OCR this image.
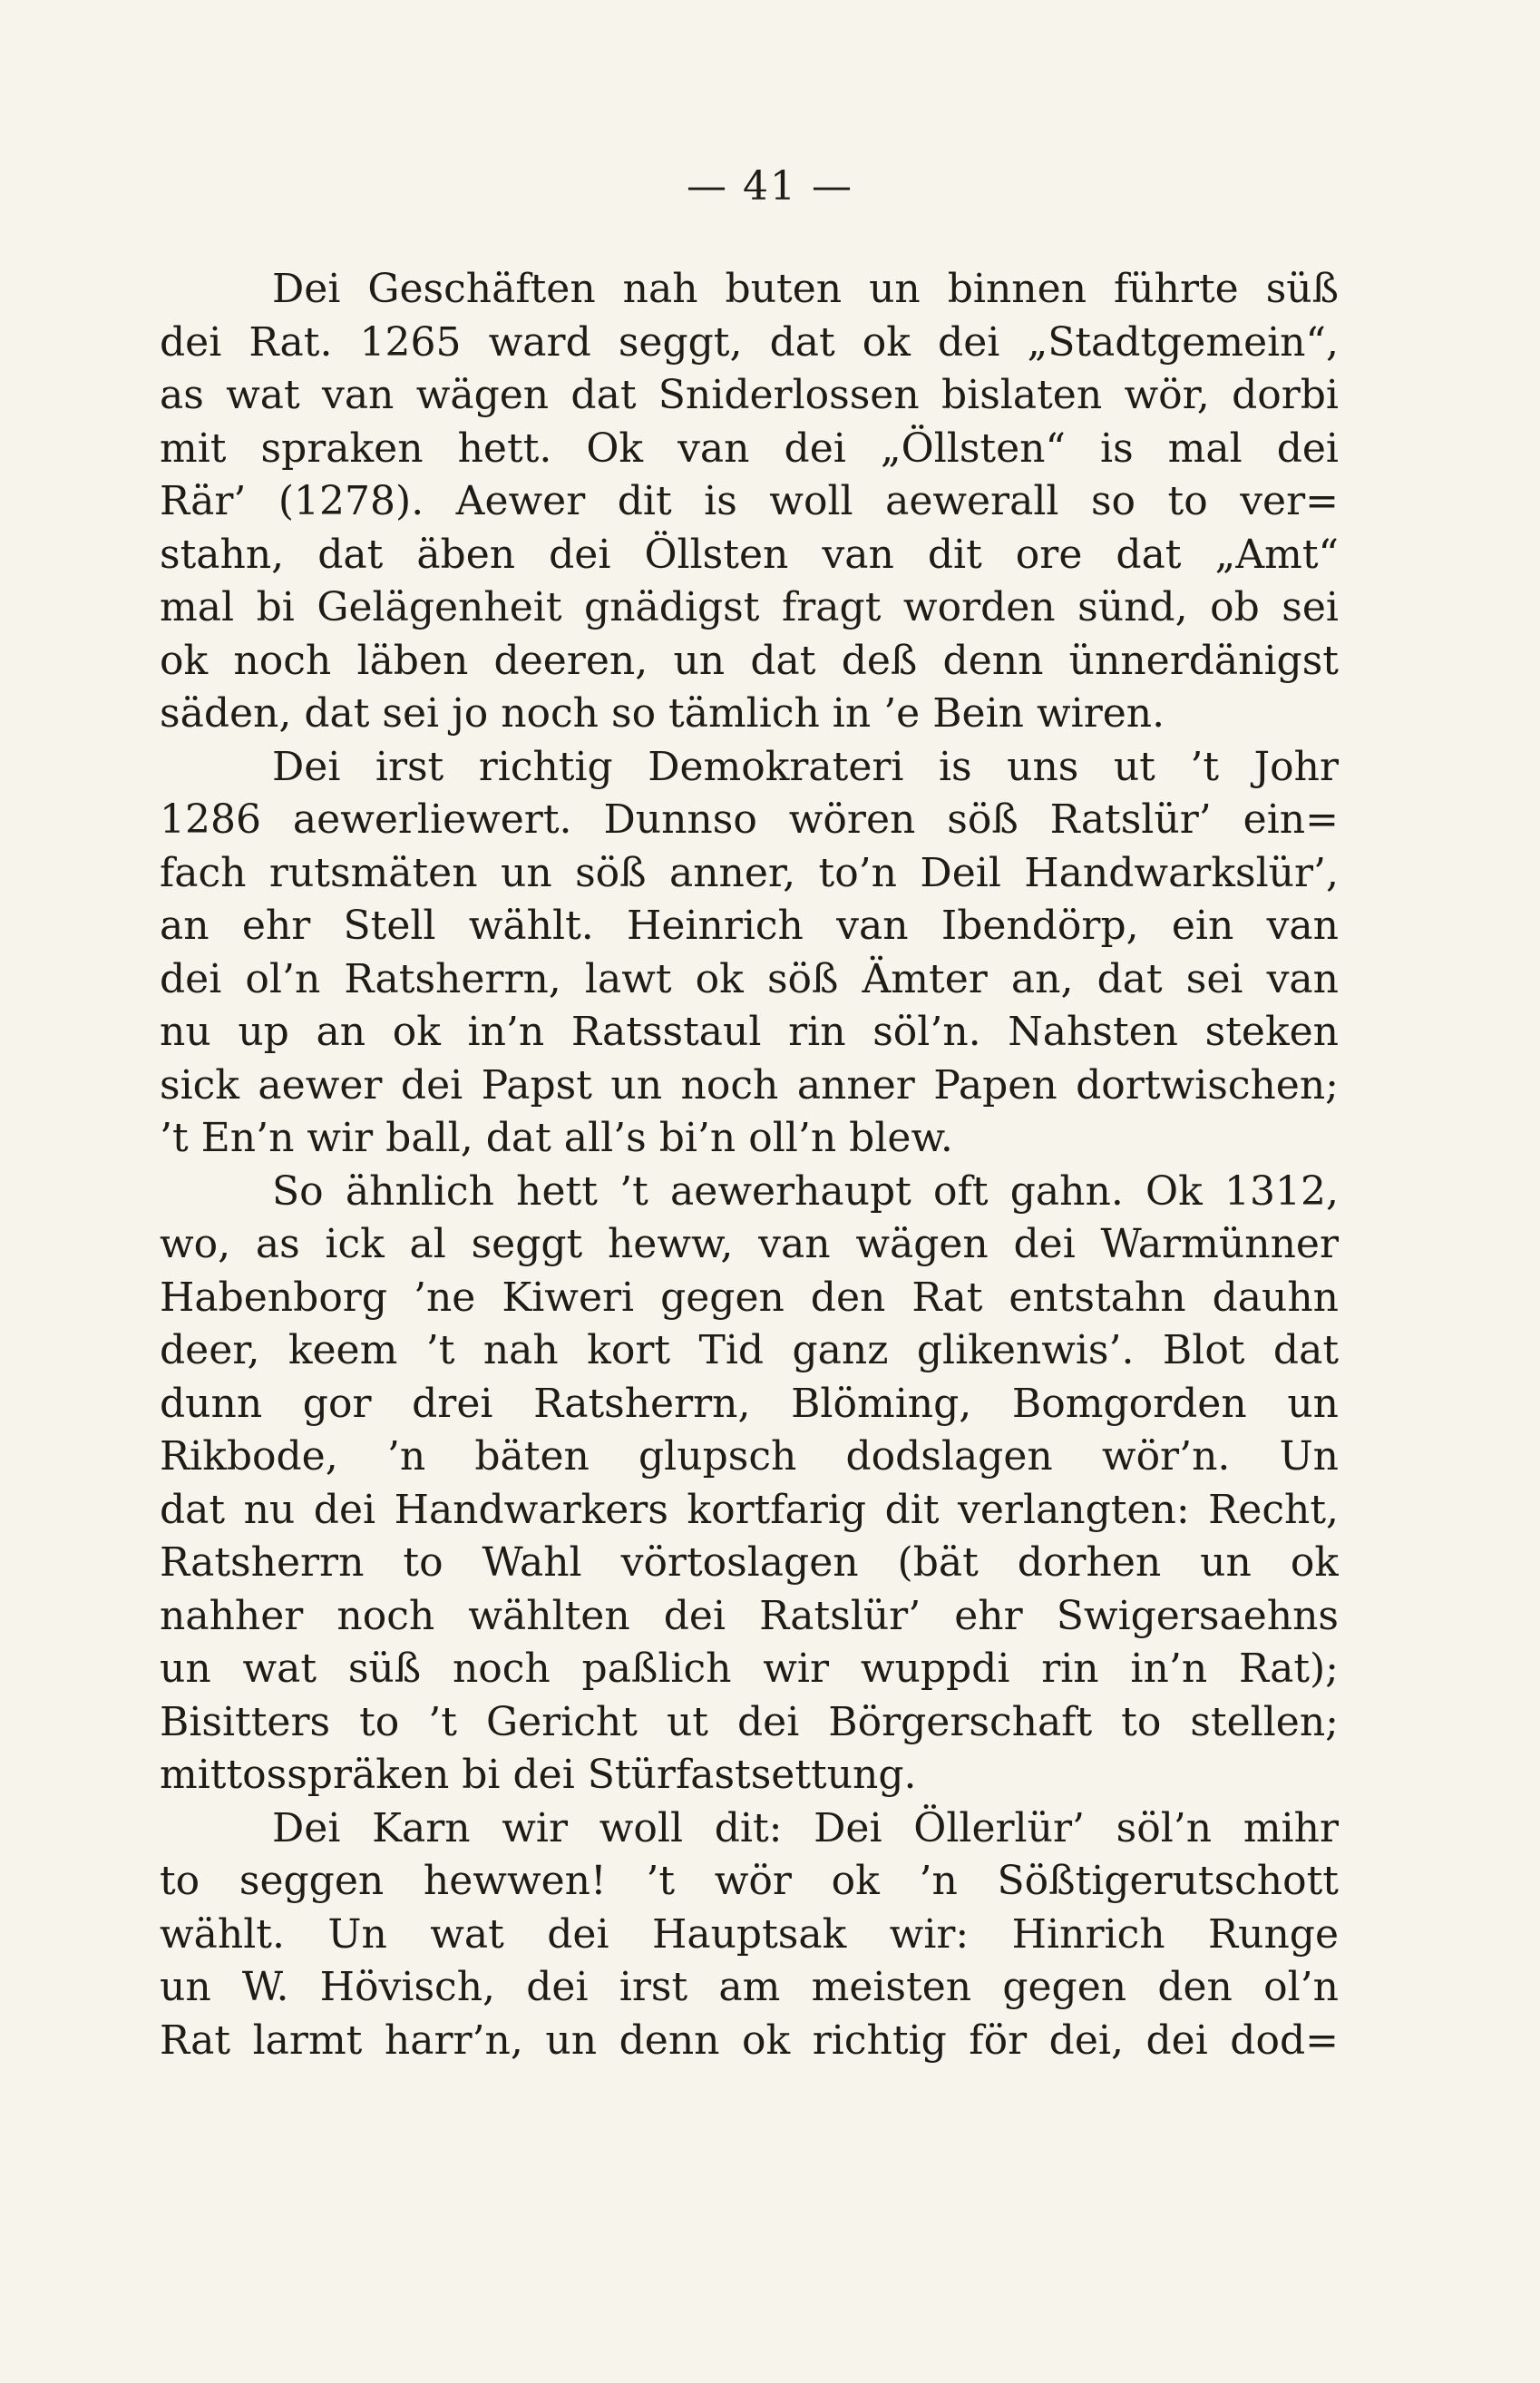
— 41 —
Dei Geschäften nah buten un binnen führte süß
dei Rat. 1265 ward seggt, dat ok dei „Stadtgemein“,
as wat van wägen dat Sniderlossen bislaten wör, dorbi
mit spraken hett. Ok van dei „Öllsten“ is mal dei
Rär’ (1278). Aewer dit is woll aewerall so to ver=
stahn, dat äben dei Öllsten van dit ore dat „Amt“
mal bi Gelägenheit gnädigst fragt worden sünd, ob sei
ok noch läben deeren, un dat deß denn ünnerdänigst
säden, dat sei jo noch so tämlich in ’e Bein wiren.
Dei irst richtig Demokrateri is uns ut ’t Johr
1286 aewerliewert. Dunnso wören söß Ratslür’ ein=
fach rutsmäten un söß anner, to’n Deil Handwarkslür’,
an ehr Stell wählt. Heinrich van Ibendörp, ein van
dei ol’n Ratsherrn, lawt ok söß Ämter an, dat sei van
nu up an ok in’n Ratsstaul rin söl’n. Nahsten steken
sick aewer dei Papst un noch anner Papen dortwischen;
’t En’n wir ball, dat all’s bi’n oll’n blew.
So ähnlich hett ’t aewerhaupt oft gahn. Ok 1312,
wo, as ick al seggt heww, van wägen dei Warmünner
Habenborg ’ne Kiweri gegen den Rat entstahn dauhn
deer, keem ’t nah kort Tid ganz glikenwis’. Blot dat
dunn gor drei Ratsherrn, Blöming, Bomgorden un
Rikbode, ’n bäten glupsch dodslagen wör’n. Un
dat nu dei Handwarkers kortfarig dit verlangten: Recht,
Ratsherrn to Wahl vörtoslagen (bät dorhen un ok
nahher noch wählten dei Ratslür’ ehr Swigersaehns
un wat süß noch paßlich wir wuppdi rin in’n Rat);
Bisitters to ’t Gericht ut dei Börgerschaft to stellen;
mittosspräken bi dei Stürfastsettung.
Dei Karn wir woll dit: Dei Öllerlür’ söl’n mihr
to seggen hewwen! ’t wör ok ’n Sößtigerutschott
wählt. Un wat dei Hauptsak wir: Hinrich Runge
un W. Hövisch, dei irst am meisten gegen den ol’n
Rat larmt harr’n, un denn ok richtig för dei, dei dod=
